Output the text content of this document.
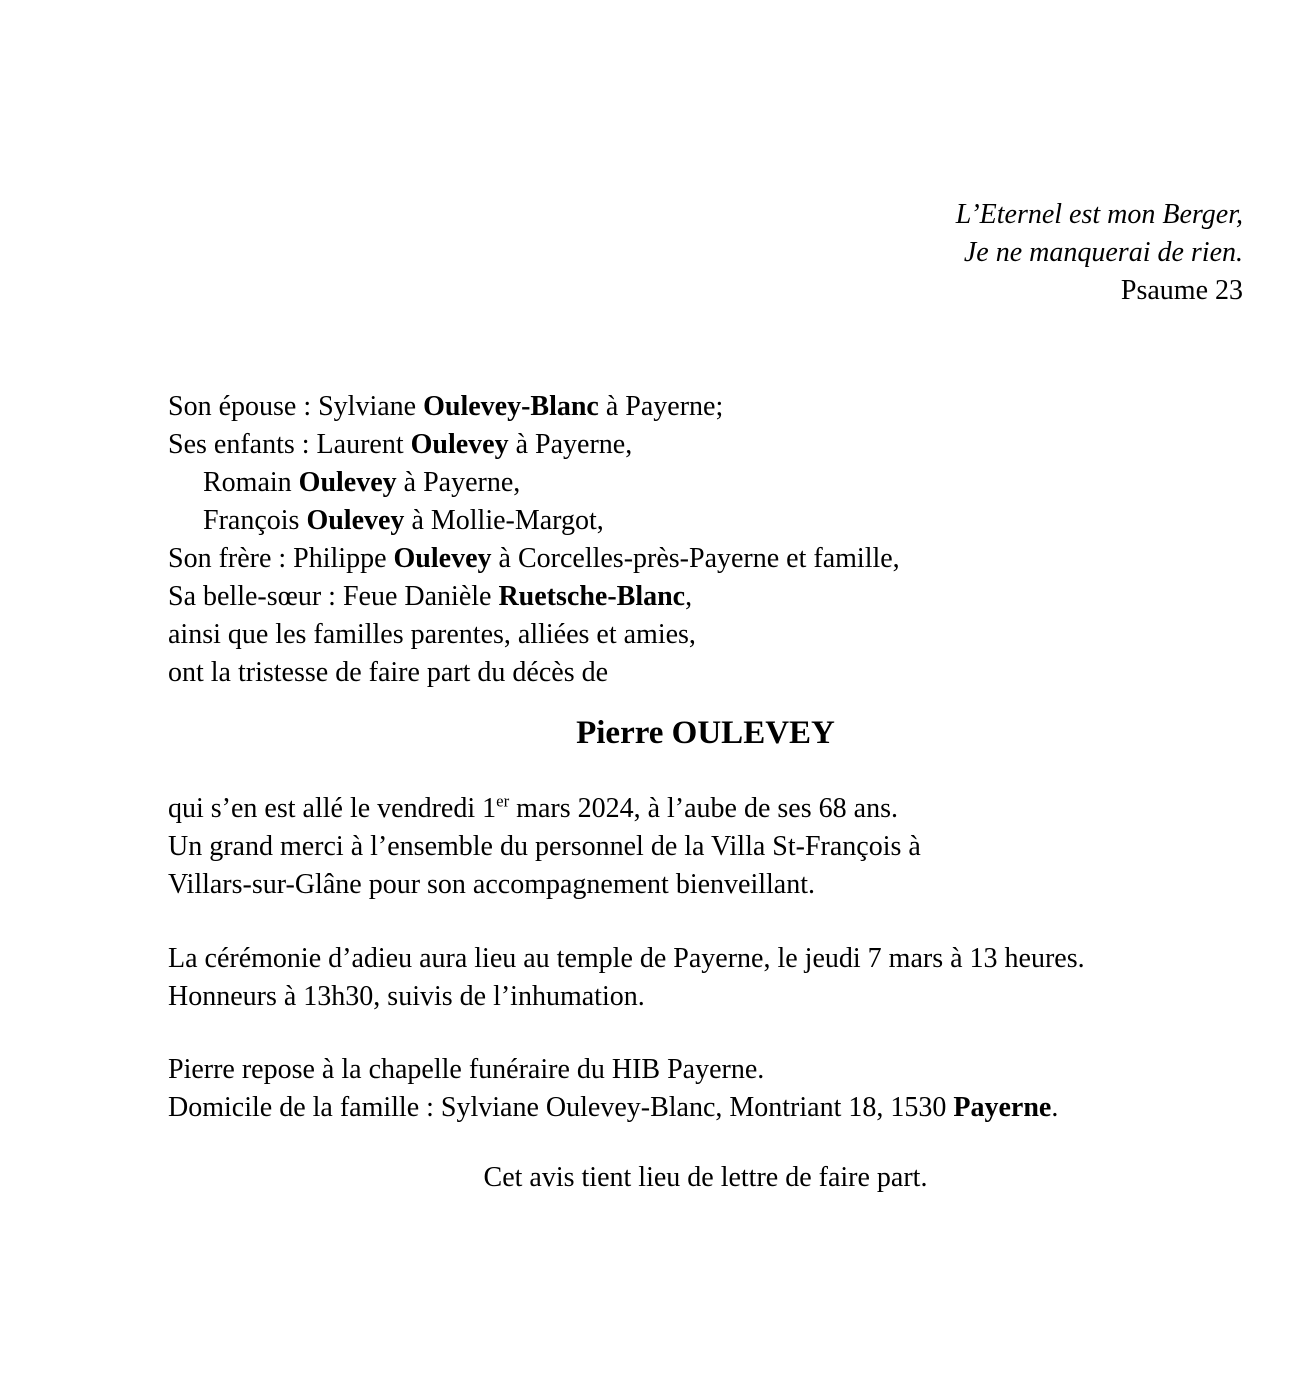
L’Eternel est mon Berger,
Je ne manquerai de rien.
Psaume 23
Son épouse : Sylviane Oulevey-Blanc à Payerne;
Ses enfants : Laurent Oulevey à Payerne,
Romain Oulevey à Payerne,
François Oulevey à Mollie-Margot,
Son frère : Philippe Oulevey à Corcelles-près-Payerne et famille,
Sa belle-sœur : Feue Danièle Ruetsche-Blanc,
ainsi que les familles parentes, alliées et amies,
ont la tristesse de faire part du décès de
Pierre OULEVEY
qui s’en est allé le vendredi 1er mars 2024, à l’aube de ses 68 ans.
Un grand merci à l’ensemble du personnel de la Villa St-François à
Villars-sur-Glâne pour son accompagnement bienveillant.
La cérémonie d’adieu aura lieu au temple de Payerne, le jeudi 7 mars à 13 heures.
Honneurs à 13h30, suivis de l’inhumation.
Pierre repose à la chapelle funéraire du HIB Payerne.
Domicile de la famille : Sylviane Oulevey-Blanc, Montriant 18, 1530 Payerne.
Cet avis tient lieu de lettre de faire part.
